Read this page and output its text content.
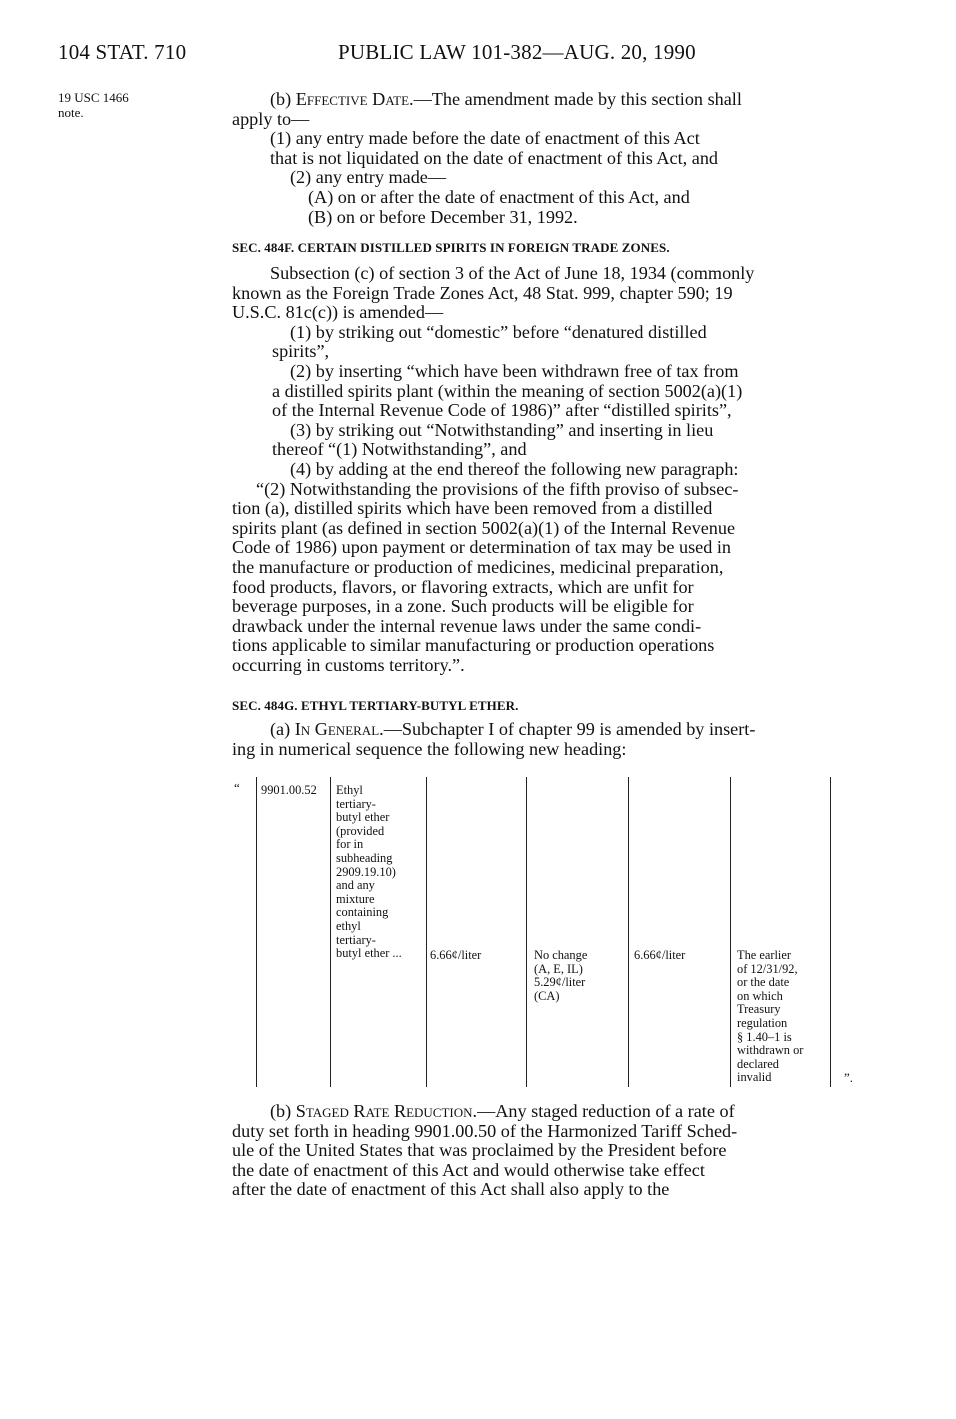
104 STAT. 710	PUBLIC LAW 101-382—AUG. 20, 1990
19 USC 1466
note.

(b) Effective Date.—The amendment made by this section shall

apply to—

(1) any entry made before the date of enactment of this Act

that is not liquidated on the date of enactment of this Act, and

(2) any entry made—

(A) on or after the date of enactment of this Act, and

(B) on or before December 31, 1992.

SEC. 484F. CERTAIN DISTILLED SPIRITS IN FOREIGN TRADE ZONES.

Subsection (c) of section 3 of the Act of June 18, 1934 (commonly

known as the Foreign Trade Zones Act, 48 Stat. 999, chapter 590; 19

U.S.C. 81c(c)) is amended—

(1) by striking out “domestic” before “denatured distilled

spirits”,

(2) by inserting “which have been withdrawn free of tax from

a distilled spirits plant (within the meaning of section 5002(a)(1)

of the Internal Revenue Code of 1986)” after “distilled spirits”,

(3) by striking out “Notwithstanding” and inserting in lieu

thereof “(1) Notwithstanding”, and

(4) by adding at the end thereof the following new paragraph:

“(2) Notwithstanding the provisions of the fifth proviso of subsec-

tion (a), distilled spirits which have been removed from a distilled

spirits plant (as defined in section 5002(a)(1) of the Internal Revenue

Code of 1986) upon payment or determination of tax may be used in

the manufacture or production of medicines, medicinal preparation,

food products, flavors, or flavoring extracts, which are unfit for

beverage purposes, in a zone. Such products will be eligible for

drawback under the internal revenue laws under the same condi-

tions applicable to similar manufacturing or production operations

occurring in customs territory.”.

SEC. 484G. ETHYL TERTIARY-BUTYL ETHER.

(a) In General.—Subchapter I of chapter 99 is amended by insert-

ing in numerical sequence the following new heading:

“ 9901.00.52 Ethyl
tertiary-
butyl ether
(provided
for in
subheading
2909.19.10)
and any
mixture
containing
ethyl
tertiary-
butyl ether ...	6.66¢/liter	No change
(A, E, IL)
5.29¢/liter
(CA)
6.66¢/liter	The earlier
of 12/31/92,
or the date
on which
Treasury
regulation
§ 1.40–1 is
withdrawn or
declared
invalid	”.

(b) Staged Rate Reduction.—Any staged reduction of a rate of

duty set forth in heading 9901.00.50 of the Harmonized Tariff Sched-

ule of the United States that was proclaimed by the President before

the date of enactment of this Act and would otherwise take effect

after the date of enactment of this Act shall also apply to the
